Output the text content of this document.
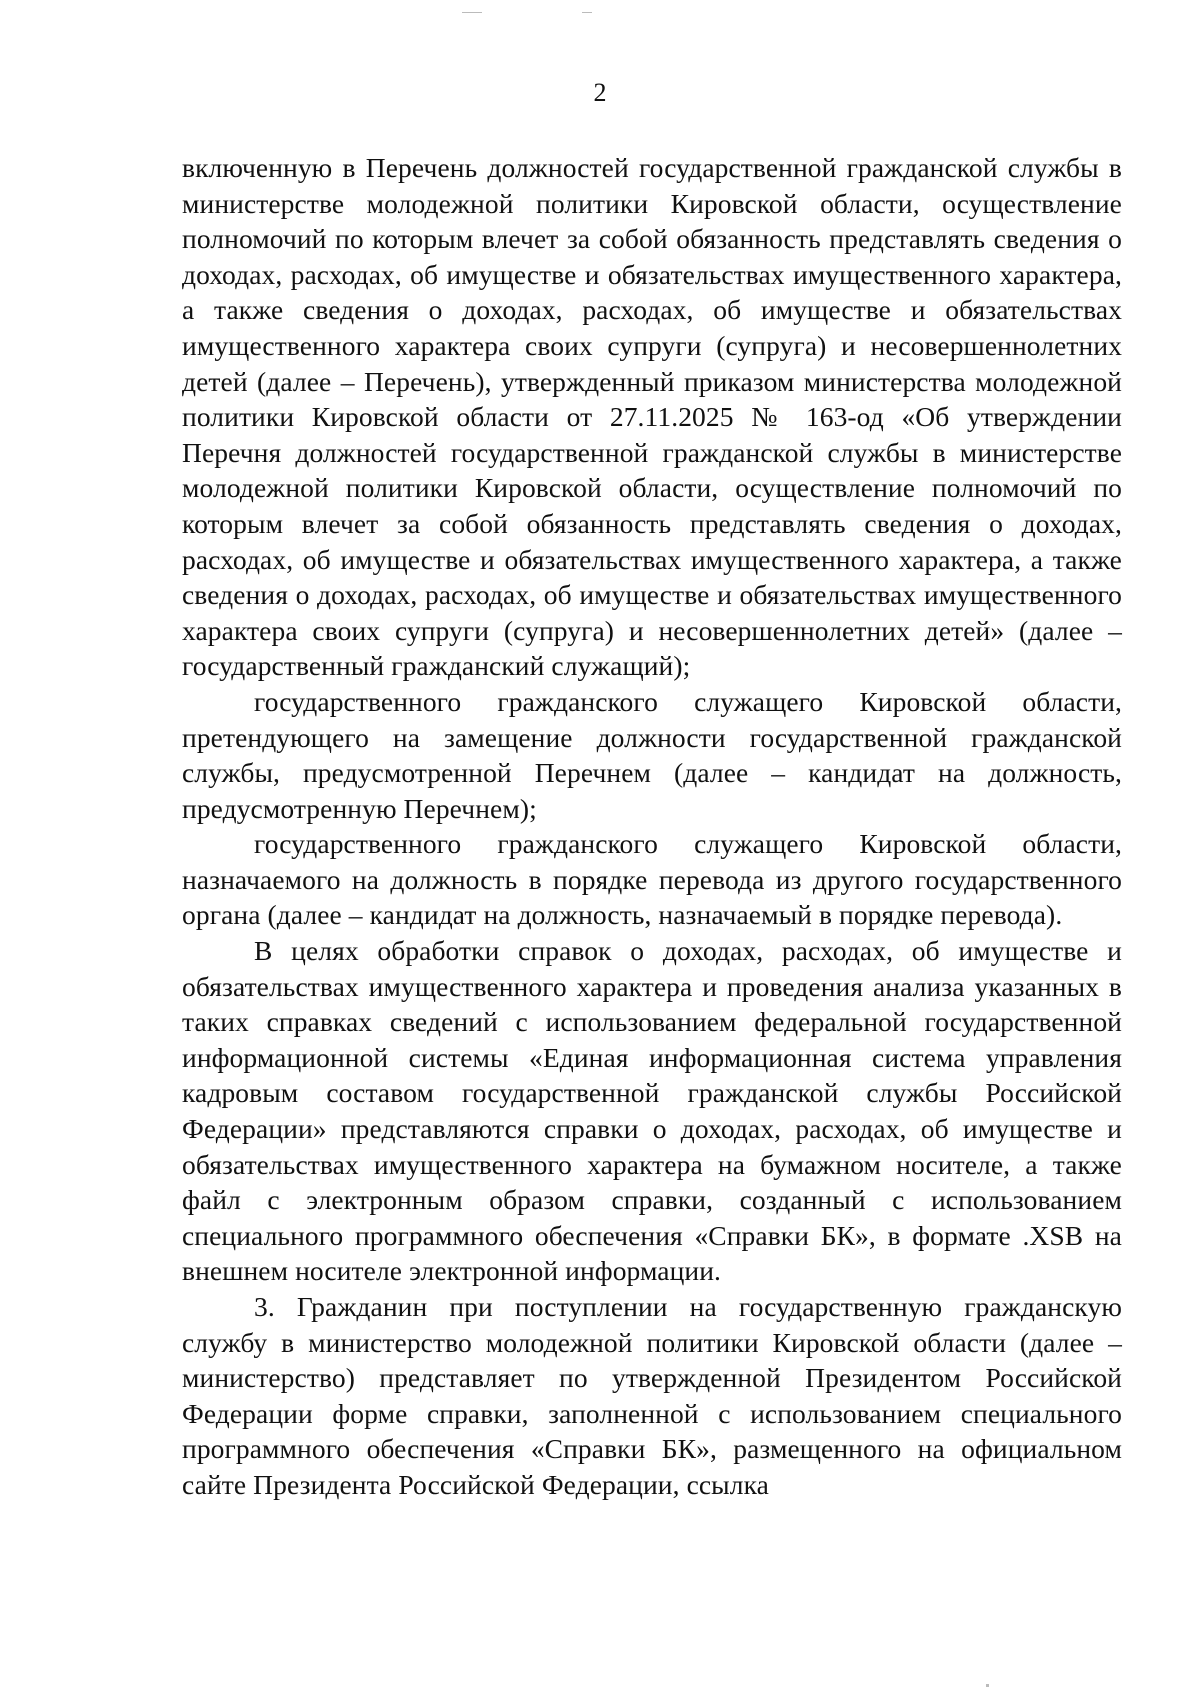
2

включенную в Перечень должностей государственной гражданской службы в министерстве молодежной политики Кировской области, осуществление полномочий по которым влечет за собой обязанность представлять сведения о доходах, расходах, об имуществе и обязательствах имущественного характера, а также сведения о доходах, расходах, об имуществе и обязательствах имущественного характера своих супруги (супруга) и несовершеннолетних детей (далее – Перечень), утвержденный приказом министерства молодежной политики Кировской области от 27.11.2025 № 163-од «Об утверждении Перечня должностей государственной гражданской службы в министерстве молодежной политики Кировской области, осуществление полномочий по которым влечет за собой обязанность представлять сведения о доходах, расходах, об имуществе и обязательствах имущественного характера, а также сведения о доходах, расходах, об имуществе и обязательствах имущественного характера своих супруги (супруга) и несовершеннолетних детей» (далее – государственный гражданский служащий);

государственного гражданского служащего Кировской области, претендующего на замещение должности государственной гражданской службы, предусмотренной Перечнем (далее – кандидат на должность, предусмотренную Перечнем);

государственного гражданского служащего Кировской области, назначаемого на должность в порядке перевода из другого государственного органа (далее – кандидат на должность, назначаемый в порядке перевода).

В целях обработки справок о доходах, расходах, об имуществе и обязательствах имущественного характера и проведения анализа указанных в таких справках сведений с использованием федеральной государственной информационной системы «Единая информационная система управления кадровым составом государственной гражданской службы Российской Федерации» представляются справки о доходах, расходах, об имуществе и обязательствах имущественного характера на бумажном носителе, а также файл с электронным образом справки, созданный с использованием специального программного обеспечения «Справки БК», в формате .XSB на внешнем носителе электронной информации.

3. Гражданин при поступлении на государственную гражданскую службу в министерство молодежной политики Кировской области (далее – министерство) представляет по утвержденной Президентом Российской Федерации форме справки, заполненной с использованием специального программного обеспечения «Справки БК», размещенного на официальном сайте Президента Российской Федерации, ссылка
